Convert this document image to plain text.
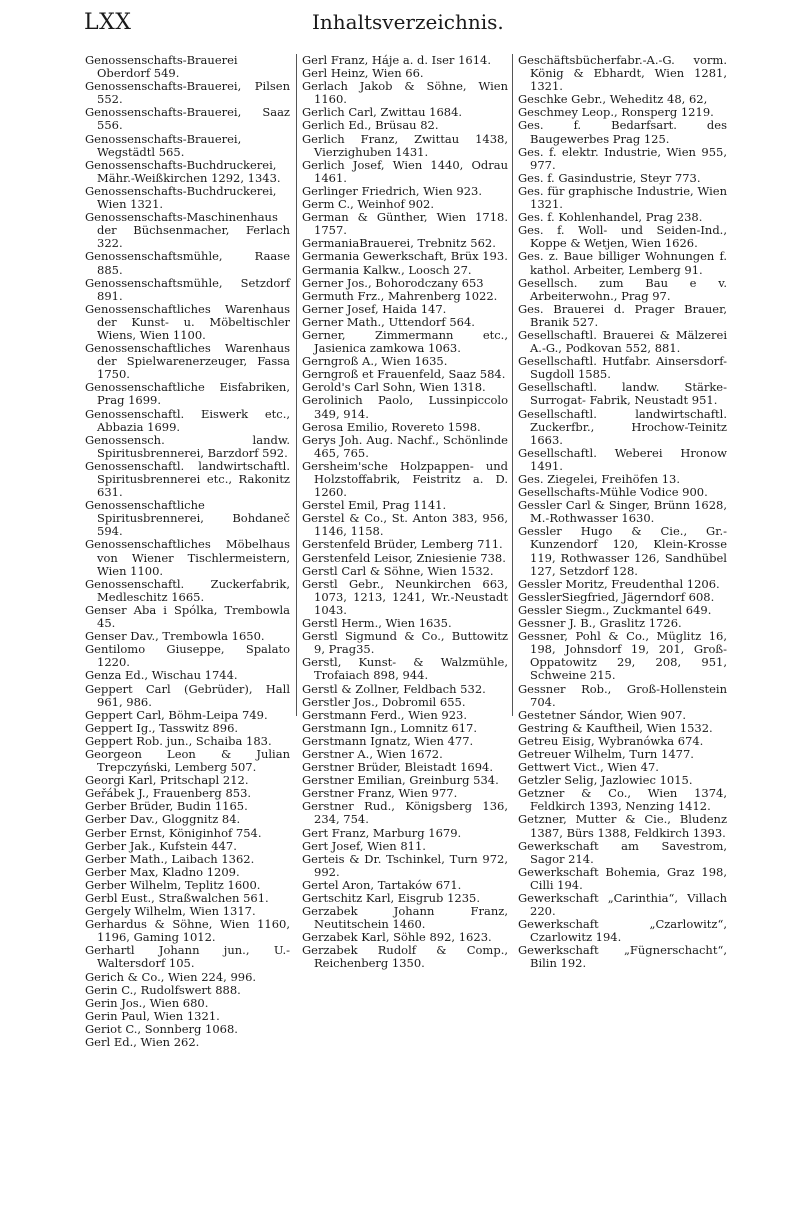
LXX	Inhaltsverzeichnis.

Genossenschafts-Brauerei Oberdorf 549.

Genossenschafts-Brauerei, Pilsen 552.

Genossenschafts-Brauerei, Saaz 556.

Genossenschafts-Brauerei, Wegstädtl 565.

Genossenschafts-Buchdruckerei, Mähr.-Weißkirchen 1292, 1343.

Genossenschafts-Buchdruckerei, Wien 1321.

Genossenschafts-Maschinenhaus der Büchsenmacher, Ferlach 322.

Genossenschaftsmühle, Raase 885.

Genossenschaftsmühle, Setzdorf 891.

Genossenschaftliches Warenhaus der Kunst- u. Möbeltischler Wiens, Wien 1100.

Genossenschaftliches Warenhaus der Spielwarenerzeuger, Fassa 1750.

Genossenschaftliche Eisfabriken, Prag 1699.

Genossenschaftl. Eiswerk etc., Abbazia 1699.

Genossensch. landw. Spiritusbrennerei, Barzdorf 592.

Genossenschaftl. landwirtschaftl. Spiritusbrennerei etc., Rakonitz 631.

Genossenschaftliche Spiritusbrennerei, Bohdaneč 594.

Genossenschaftliches Möbelhaus von Wiener Tischlermeistern, Wien 1100.

Genossenschaftl. Zuckerfabrik, Medleschitz 1665.

Genser Aba i Spólka, Trembowla 45.

Genser Dav., Trembowla 1650.

Gentilomo Giuseppe, Spalato 1220.

Genza Ed., Wischau 1744.

Geppert Carl (Gebrüder), Hall 961, 986.

Geppert Carl, Böhm-Leipa 749.

Geppert Ig., Tasswitz 896.

Geppert Rob. jun., Schaiba 183.

Georgeon Leon & Julian Trepczyński, Lemberg 507.

Georgi Karl, Pritschapl 212.

Geřábek J., Frauenberg 853.

Gerber Brüder, Budin 1165.

Gerber Dav., Gloggnitz 84.

Gerber Ernst, Königinhof 754.

Gerber Jak., Kufstein 447.

Gerber Math., Laibach 1362.

Gerber Max, Kladno 1209.

Gerber Wilhelm, Teplitz 1600.

Gerbl Eust., Straßwalchen 561.

Gergely Wilhelm, Wien 1317.

Gerhardus & Söhne, Wien 1160, 1196, Gaming 1012.

Gerhartl Johann jun., U.-Waltersdorf 105.

Gerich & Co., Wien 224, 996.

Gerin C., Rudolfswert 888.

Gerin Jos., Wien 680.

Gerin Paul, Wien 1321.

Geriot C., Sonnberg 1068.

Gerl Ed., Wien 262.

Gerl Franz, Háje a. d. Iser 1614.

Gerl Heinz, Wien 66.

Gerlach Jakob & Söhne, Wien 1160.

Gerlich Carl, Zwittau 1684.

Gerlich Ed., Brüsau 82.

Gerlich Franz, Zwittau 1438, Vierzighuben 1431.

Gerlich Josef, Wien 1440, Odrau 1461.

Gerlinger Friedrich, Wien 923.

Germ C., Weinhof 902.

German & Günther, Wien 1718. 1757.

GermaniaBrauerei, Trebnitz 562.

Germania Gewerkschaft, Brüx 193.

Germania Kalkw., Loosch 27.

Gerner Jos., Bohorodczany 653

Germuth Frz., Mahrenberg 1022.

Gerner Josef, Haida 147.

Gerner Math., Uttendorf 564.

Gerner, Zimmermann etc., Jasienica zamkowa 1063.

Gerngroß A., Wien 1635.

Gerngroß et Frauenfeld, Saaz 584.

Gerold's Carl Sohn, Wien 1318.

Gerolinich Paolo, Lussinpiccolo 349, 914.

Gerosa Emilio, Rovereto 1598.

Gerys Joh. Aug. Nachf., Schönlinde 465, 765.

Gersheim'sche Holzpappen- und Holzstoffabrik, Feistritz a. D. 1260.

Gerstel Emil, Prag 1141.

Gerstel & Co., St. Anton 383, 956, 1146, 1158.

Gerstenfeld Brüder, Lemberg 711.

Gerstenfeld Leisor, Zniesienie 738.

Gerstl Carl & Söhne, Wien 1532.

Gerstl Gebr., Neunkirchen 663, 1073, 1213, 1241, Wr.-Neustadt 1043.

Gerstl Herm., Wien 1635.

Gerstl Sigmund & Co., Buttowitz 9, Prag35.

Gerstl, Kunst- & Walzmühle, Trofaiach 898, 944.

Gerstl & Zollner, Feldbach 532.

Gerstler Jos., Dobromil 655.

Gerstmann Ferd., Wien 923.

Gerstmann Ign., Lomnitz 617.

Gerstmann Ignatz, Wien 477.

Gerstner A., Wien 1672.

Gerstner Brüder, Bleistadt 1694.

Gerstner Emilian, Greinburg 534.

Gerstner Franz, Wien 977.

Gerstner Rud., Königsberg 136, 234, 754.

Gert Franz, Marburg 1679.

Gert Josef, Wien 811.

Gerteis & Dr. Tschinkel, Turn 972, 992.

Gertel Aron, Tartaków 671.

Gertschitz Karl, Eisgrub 1235.

Gerzabek Johann Franz, Neutitschein 1460.

Gerzabek Karl, Söhle 892, 1623.

Gerzabek Rudolf & Comp., Reichenberg 1350.

Geschäftsbücherfabr.-A.-G. vorm. König & Ebhardt, Wien 1281, 1321.

Geschke Gebr., Weheditz 48, 62,

Geschmey Leop., Ronsperg 1219.

Ges. f. Bedarfsart. des Baugewerbes Prag 125.

Ges. f. elektr. Industrie, Wien 955, 977.

Ges. f. Gasindustrie, Steyr 773.

Ges. für graphische Industrie, Wien 1321.

Ges. f. Kohlenhandel, Prag 238.

Ges. f. Woll- und Seiden-Ind., Koppe & Wetjen, Wien 1626.

Ges. z. Baue billiger Wohnungen f. kathol. Arbeiter, Lemberg 91.

Gesellsch. zum Bau e v. Arbeiterwohn., Prag 97.

Ges. Brauerei d. Prager Brauer, Branik 527.

Gesellschaftl. Brauerei & Mälzerei A.-G., Podkovan 552, 881.

Gesellschaftl. Hutfabr. Ainsersdorf-Sugdoll 1585.

Gesellschaftl. landw. Stärke-Surrogat- Fabrik, Neustadt 951.

Gesellschaftl. landwirtschaftl. Zuckerfbr., Hrochow-Teinitz 1663.

Gesellschaftl. Weberei Hronow 1491.

Ges. Ziegelei, Freihöfen 13.

Gesellschafts-Mühle Vodice 900.

Gessler Carl & Singer, Brünn 1628, M.-Rothwasser 1630.

Gessler Hugo & Cie., Gr.-Kunzendorf 120, Klein-Krosse 119, Rothwasser 126, Sandhübel 127, Setzdorf 128.

Gessler Moritz, Freudenthal 1206.

GesslerSiegfried, Jägerndorf 608.

Gessler Siegm., Zuckmantel 649.

Gessner J. B., Graslitz 1726.

Gessner, Pohl & Co., Müglitz 16, 198, Johnsdorf 19, 201, Groß-Oppatowitz 29, 208, 951, Schweine 215.

Gessner Rob., Groß-Hollenstein 704.

Gestetner Sándor, Wien 907.

Gestring & Kauftheil, Wien 1532.

Getreu Eisig, Wybranówka 674.

Getreuer Wilhelm, Turn 1477.

Gettwert Vict., Wien 47.

Getzler Selig, Jazlowiec 1015.

Getzner & Co., Wien 1374, Feldkirch 1393, Nenzing 1412.

Getzner, Mutter & Cie., Bludenz 1387, Bürs 1388, Feldkirch 1393.

Gewerkschaft am Savestrom, Sagor 214.

Gewerkschaft Bohemia, Graz 198, Cilli 194.

Gewerkschaft „Carinthia“, Villach 220.

Gewerkschaft „Czarlowitz“, Czarlowitz 194.

Gewerkschaft „Fügnerschacht“, Bilin 192.
